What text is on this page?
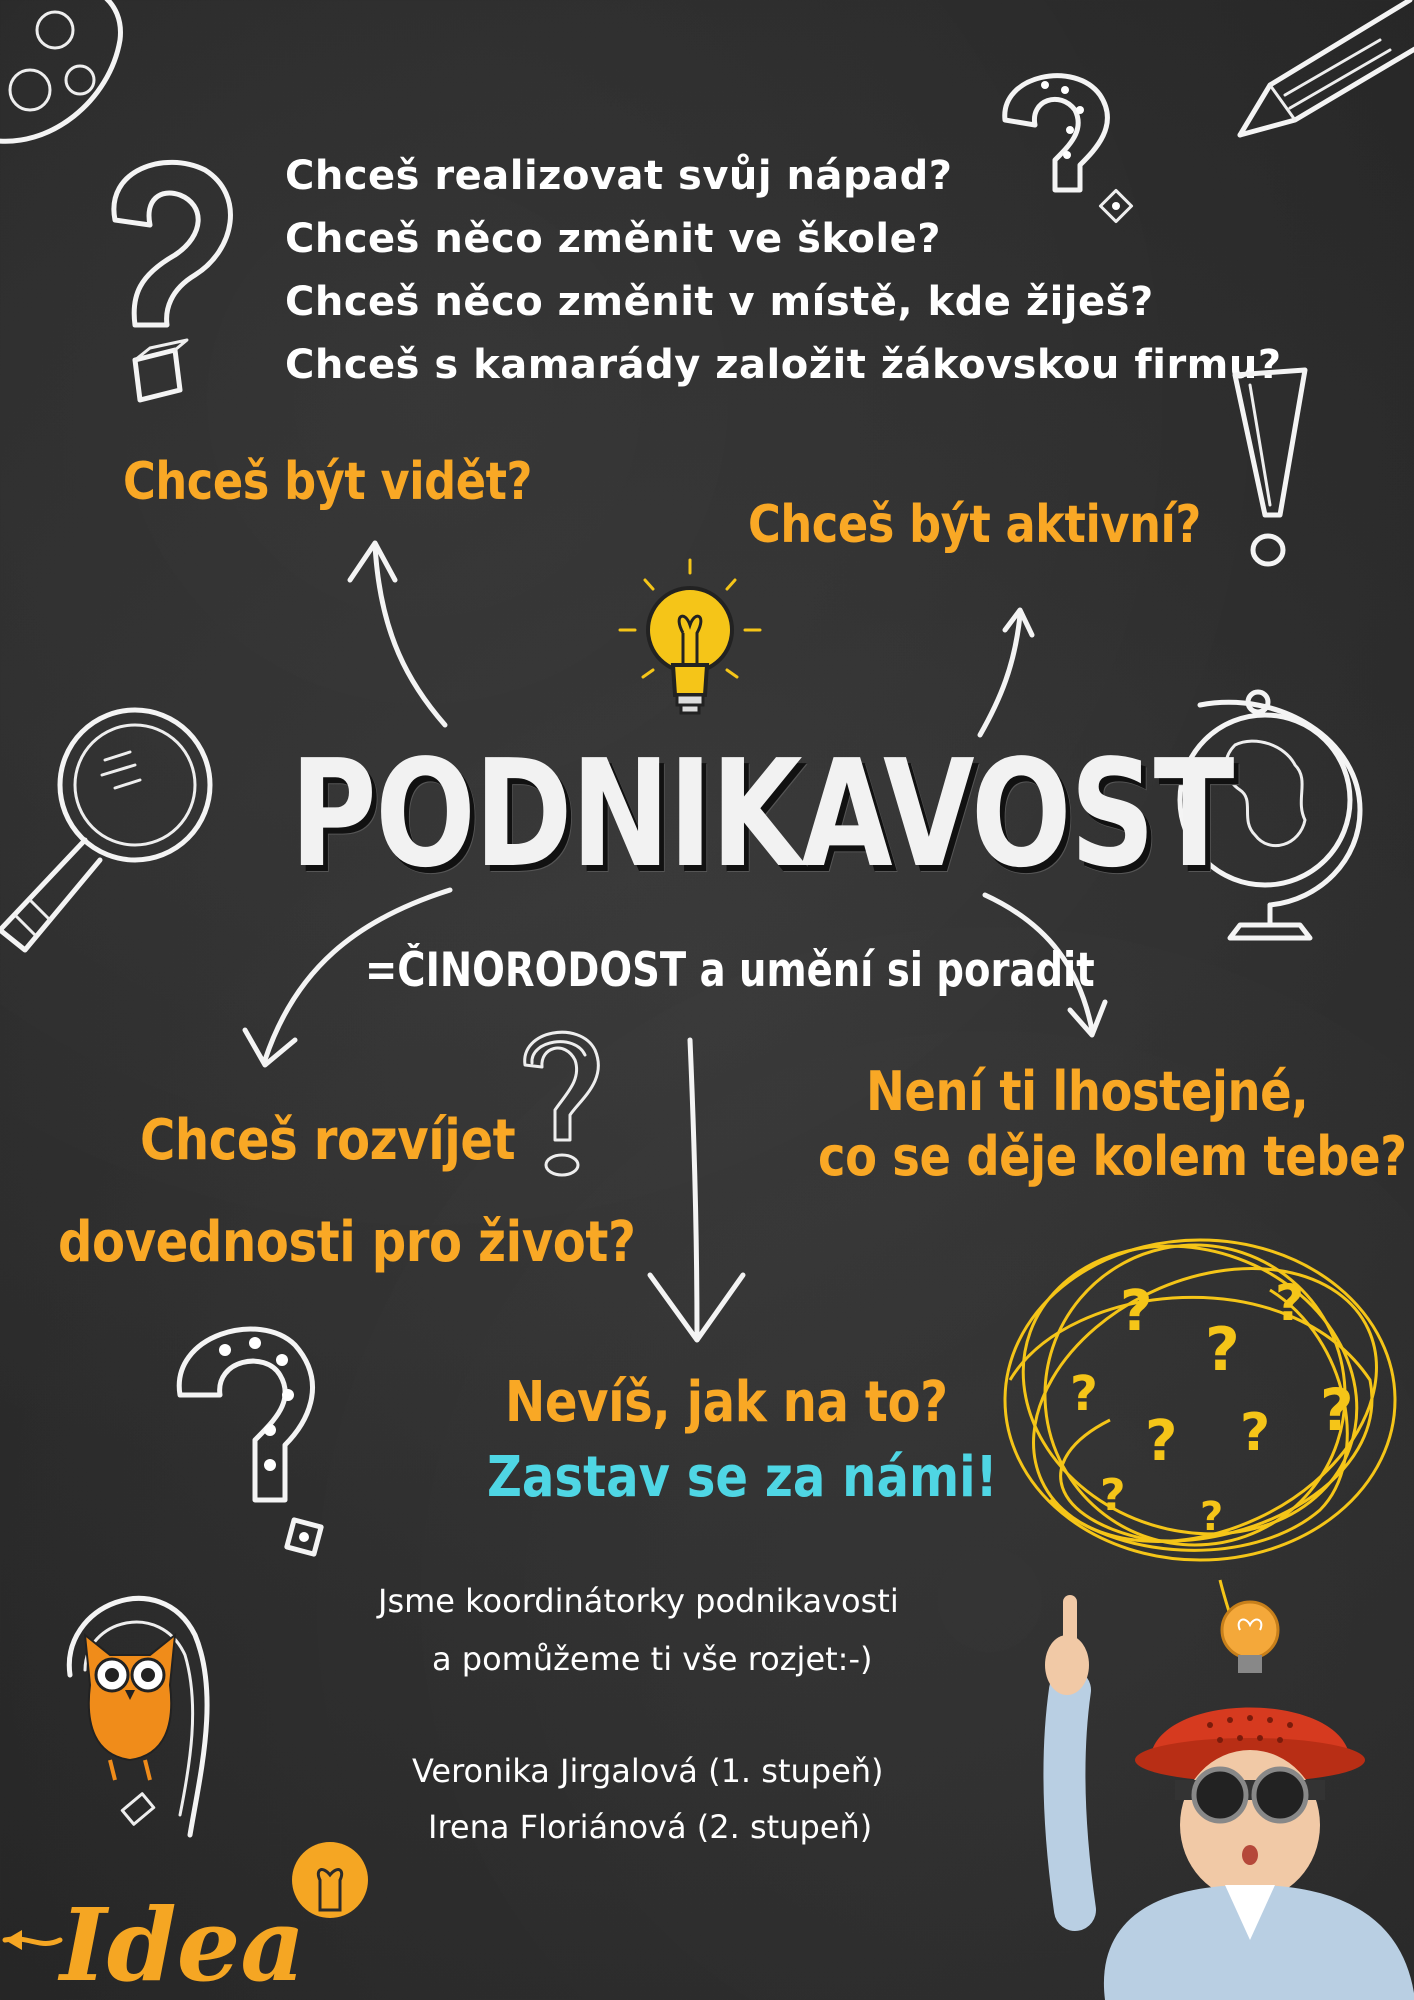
Chceš realizovat svůj nápad?
Chceš něco změnit ve škole?
Chceš něco změnit v místě, kde žiješ?
Chceš s kamarády založit žákovskou firmu?
Chceš být vidět?
Chceš být aktivní?
PODNIKAVOST
=ČINORODOST a umění si poradit
Chceš rozvíjet
dovednosti pro život?
Není ti lhostejné,
co se děje kolem tebe?
?
?
?
?
? ? ?
? ?
Nevíš, jak na to?
Zastav se za námi!
Jsme koordinátorky podnikavosti
a pomůžeme ti vše rozjet:-)
Veronika Jirgalová (1. stupeň)
Irena Floriánová (2. stupeň)
Idea
